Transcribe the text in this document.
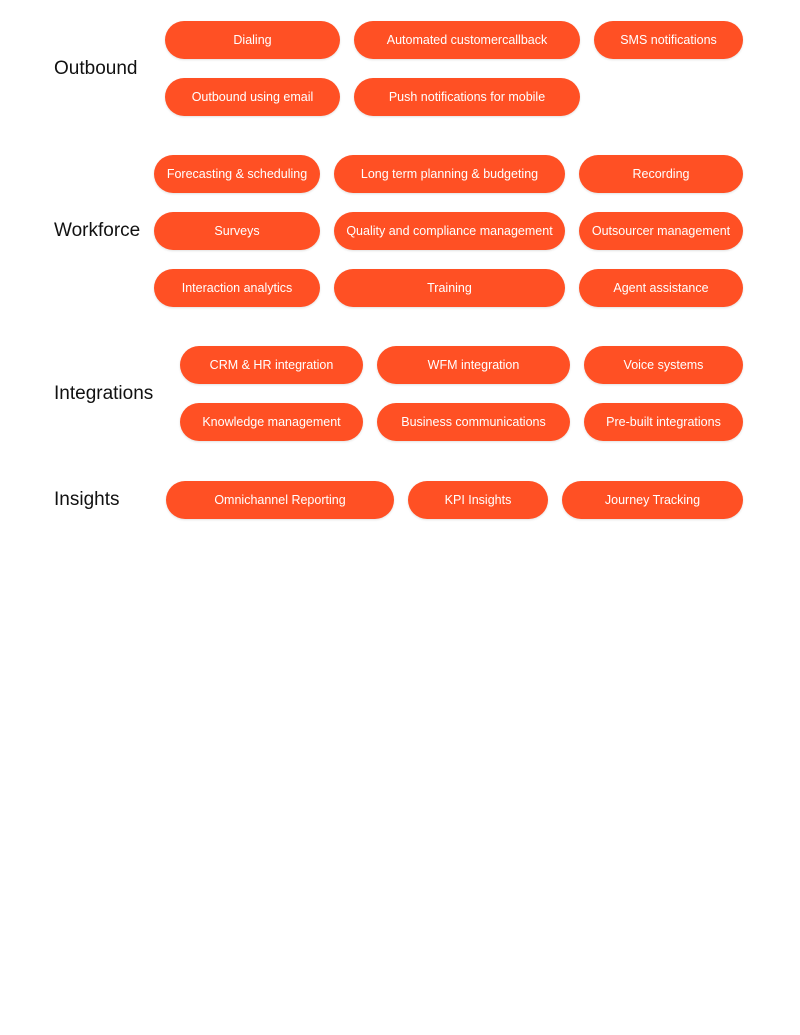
Outbound
Dialing	Automated customercallback	SMS notifications
Outbound using email	Push notifications for mobile
Workforce
Forecasting & scheduling	Long term planning & budgeting	Recording
Surveys	Quality and compliance management	Outsourcer management
Interaction analytics	Training	Agent assistance
Integrations
CRM & HR integration	WFM integration	Voice systems
Knowledge management	Business communications	Pre-built integrations
Insights	Omnichannel Reporting	KPI Insights	Journey Tracking
